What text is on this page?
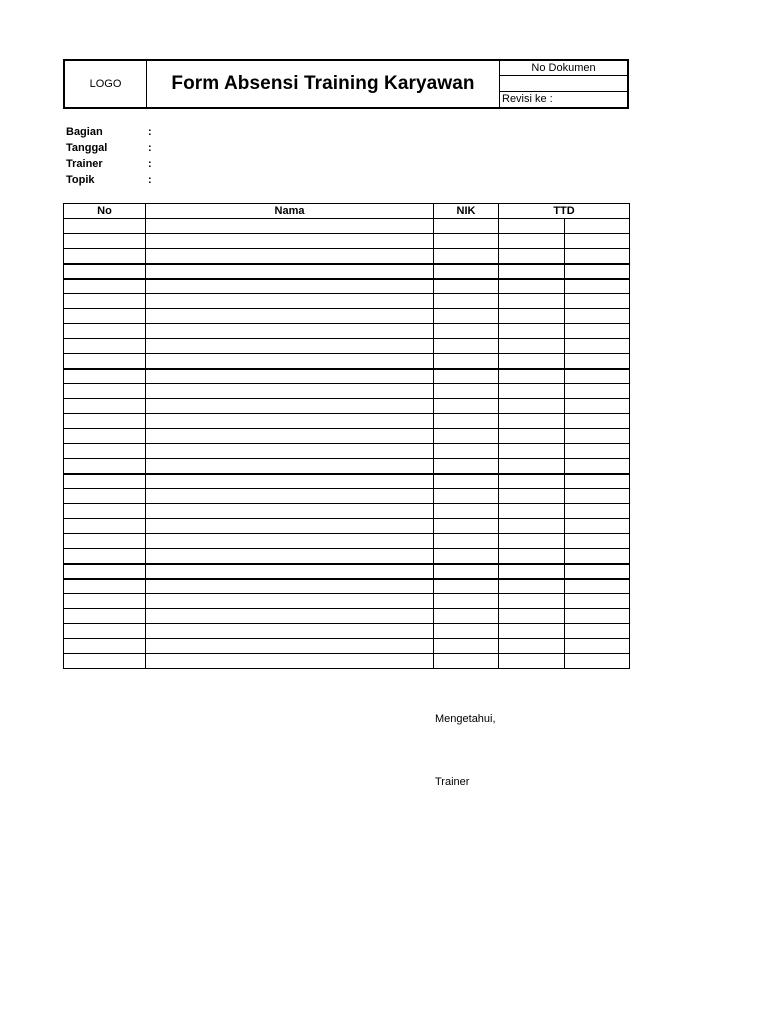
LOGO	Form Absensi Training Karyawan
No Dokumen
Revisi ke :
Bagian	:
Tanggal	:
Trainer	:
Topik	:
No	Nama	NIK	TTD	

Mengetahui,
Trainer
